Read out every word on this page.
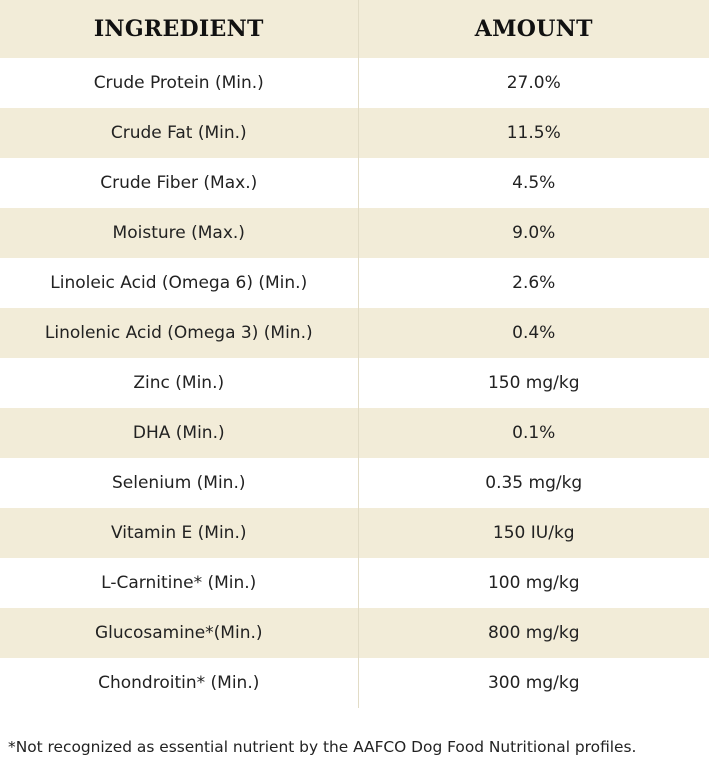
INGREDIENT	AMOUNT
Crude Protein (Min.)	27.0%
Crude Fat (Min.)	11.5%
Crude Fiber (Max.)	4.5%
Moisture (Max.)	9.0%
Linoleic Acid (Omega 6) (Min.)	2.6%
Linolenic Acid (Omega 3) (Min.)	0.4%
Zinc (Min.)	150 mg/kg
DHA (Min.)	0.1%
Selenium (Min.)	0.35 mg/kg
Vitamin E (Min.)	150 IU/kg
L-Carnitine* (Min.)	100 mg/kg
Glucosamine*(Min.)	800 mg/kg
Chondroitin* (Min.)	300 mg/kg
*Not recognized as essential nutrient by the AAFCO Dog Food Nutritional profiles.
